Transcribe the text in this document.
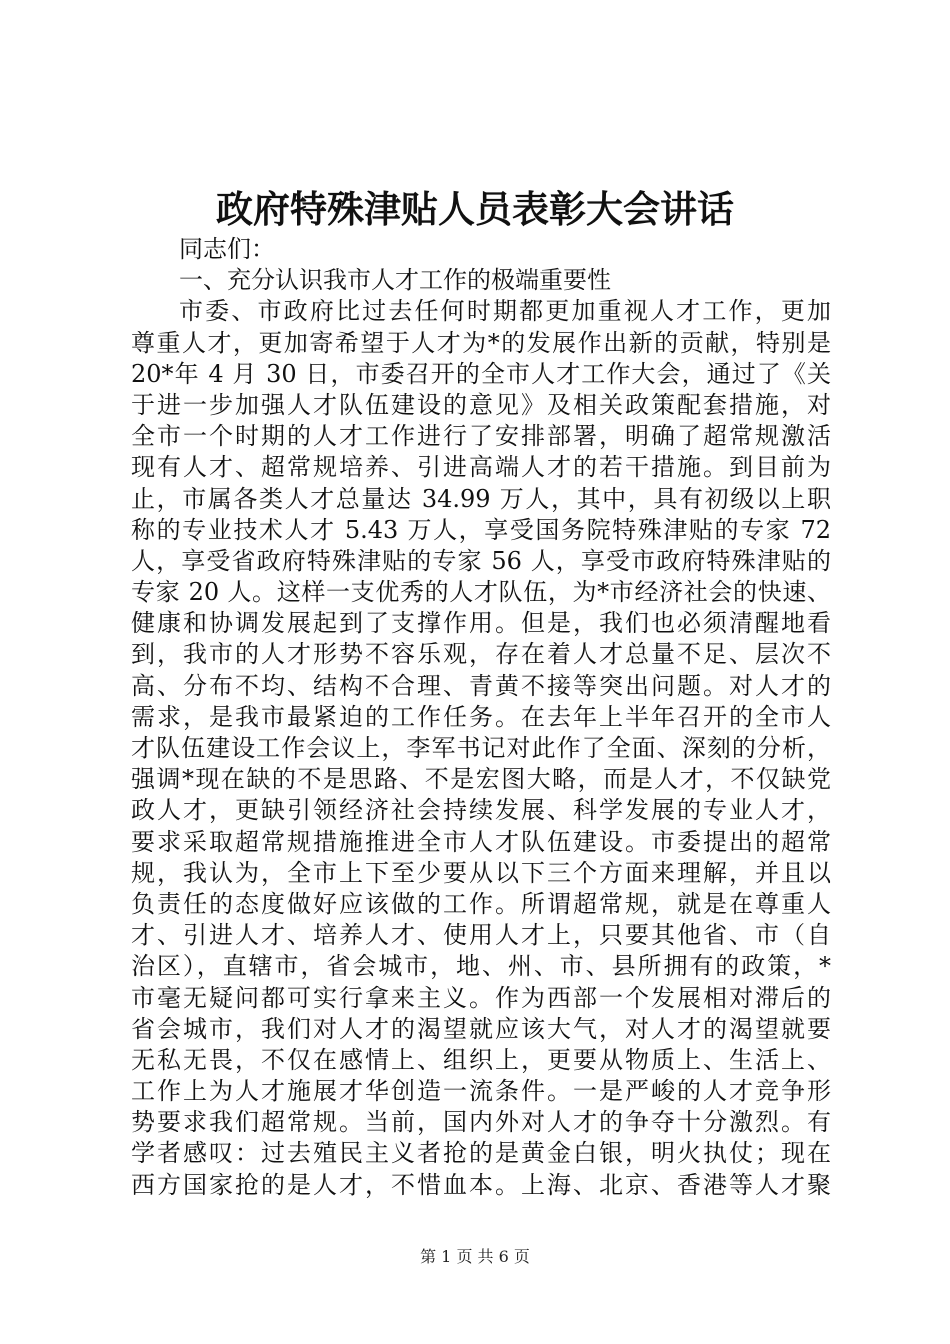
政府特殊津贴人员表彰大会讲话
同志们：
一、充分认识我市人才工作的极端重要性
市委、市政府比过去任何时期都更加重视人才工作，更加
尊重人才，更加寄希望于人才为*的发展作出新的贡献，特别是
20*年 4 月 30 日，市委召开的全市人才工作大会，通过了《关
于进一步加强人才队伍建设的意见》及相关政策配套措施，对
全市一个时期的人才工作进行了安排部署，明确了超常规激活
现有人才、超常规培养、引进高端人才的若干措施。到目前为
止，市属各类人才总量达 34.99 万人，其中，具有初级以上职
称的专业技术人才 5.43 万人，享受国务院特殊津贴的专家 72
人，享受省政府特殊津贴的专家 56 人，享受市政府特殊津贴的
专家 20 人。这样一支优秀的人才队伍，为*市经济社会的快速、
健康和协调发展起到了支撑作用。但是，我们也必须清醒地看
到，我市的人才形势不容乐观，存在着人才总量不足、层次不
高、分布不均、结构不合理、青黄不接等突出问题。对人才的
需求，是我市最紧迫的工作任务。在去年上半年召开的全市人
才队伍建设工作会议上，李军书记对此作了全面、深刻的分析，
强调*现在缺的不是思路、不是宏图大略，而是人才，不仅缺党
政人才，更缺引领经济社会持续发展、科学发展的专业人才，
要求采取超常规措施推进全市人才队伍建设。市委提出的超常
规，我认为，全市上下至少要从以下三个方面来理解，并且以
负责任的态度做好应该做的工作。所谓超常规，就是在尊重人
才、引进人才、培养人才、使用人才上，只要其他省、市（自
治区），直辖市，省会城市，地、州、市、县所拥有的政策，*
市毫无疑问都可实行拿来主义。作为西部一个发展相对滞后的
省会城市，我们对人才的渴望就应该大气，对人才的渴望就要
无私无畏，不仅在感情上、组织上，更要从物质上、生活上、
工作上为人才施展才华创造一流条件。一是严峻的人才竞争形
势要求我们超常规。当前，国内外对人才的争夺十分激烈。有
学者感叹：过去殖民主义者抢的是黄金白银，明火执仗；现在
西方国家抢的是人才，不惜血本。上海、北京、香港等人才聚
第 1 页 共 6 页
